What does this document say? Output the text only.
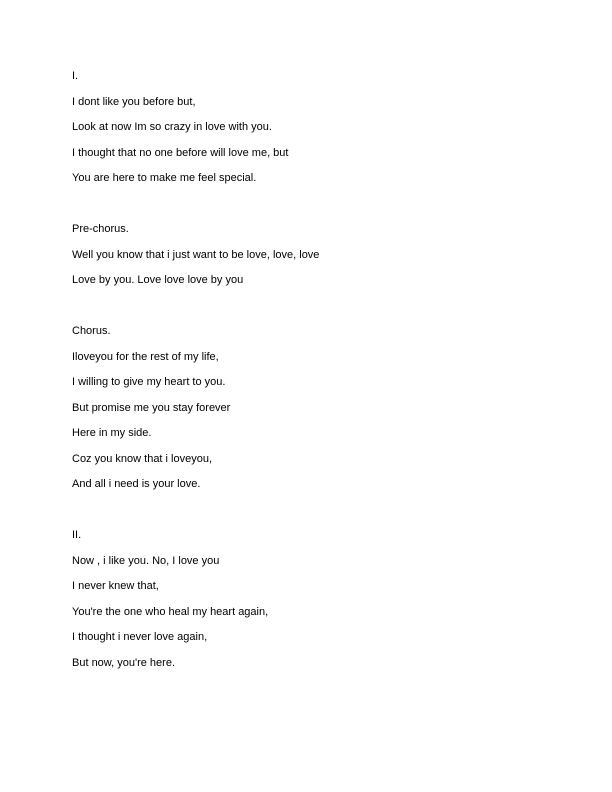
I.
I dont like you before but,
Look at now Im so crazy in love with you.
I thought that no one before will love me, but
You are here to make me feel special.
Pre-chorus.
Well you know that i just want to be love, love, love
Love by you. Love love love by you
Chorus.
Iloveyou for the rest of my life,
I willing to give my heart to you.
But promise me you stay forever
Here in my side.
Coz you know that i loveyou,
And all i need is your love.
II.
Now , i like you. No, I love you
I never knew that,
You're the one who heal my heart again,
I thought i never love again,
But now, you're here.
